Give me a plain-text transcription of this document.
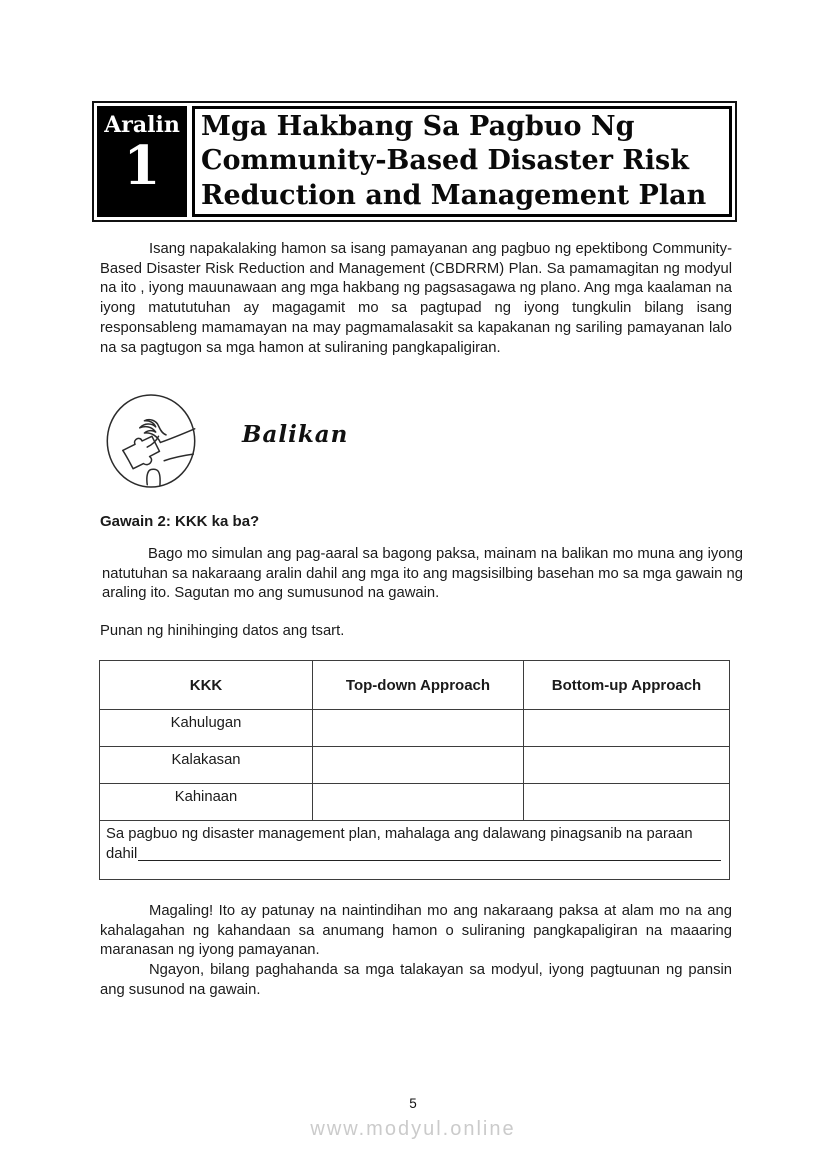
Aralin
1
Mga Hakbang Sa Pagbuo Ng
Community-Based Disaster Risk
Reduction and Management Plan

Isang napakalaking hamon sa isang pamayanan ang pagbuo ng epektibong Community-Based Disaster Risk Reduction and Management (CBDRRM) Plan. Sa pamamagitan ng modyul na ito , iyong mauunawaan ang mga hakbang ng pagsasagawa ng plano. Ang mga kaalaman na iyong matututuhan ay magagamit mo sa pagtupad ng iyong tungkulin bilang isang responsableng mamamayan na may pagmamalasakit sa kapakanan ng sariling pamayanan lalo na sa pagtugon sa mga hamon at suliraning pangkapaligiran.

Balikan
Gawain 2: KKK ka ba?

Bago mo simulan ang pag-aaral sa bagong paksa, mainam na balikan mo muna ang iyong natutuhan sa nakaraang aralin dahil ang mga ito ang magsisilbing basehan mo sa mga gawain ng araling ito. Sagutan mo ang sumusunod na gawain.

Punan ng hinihinging datos ang tsart.

KKK	Top-down Approach	Bottom-up Approach
Kahulugan		
Kalakasan		
Kahinaan		
Sa pagbuo ng disaster management plan, mahalaga ang dalawang pinagsanib na paraan
dahil		

Magaling! Ito ay patunay na naintindihan mo ang nakaraang paksa at alam mo na ang kahalagahan ng kahandaan sa anumang hamon o suliraning pangkapaligiran na maaaring maranasan ng iyong pamayanan.

Ngayon, bilang paghahanda sa mga talakayan sa modyul, iyong pagtuunan ng pansin ang susunod na gawain.

5
www.modyul.online
